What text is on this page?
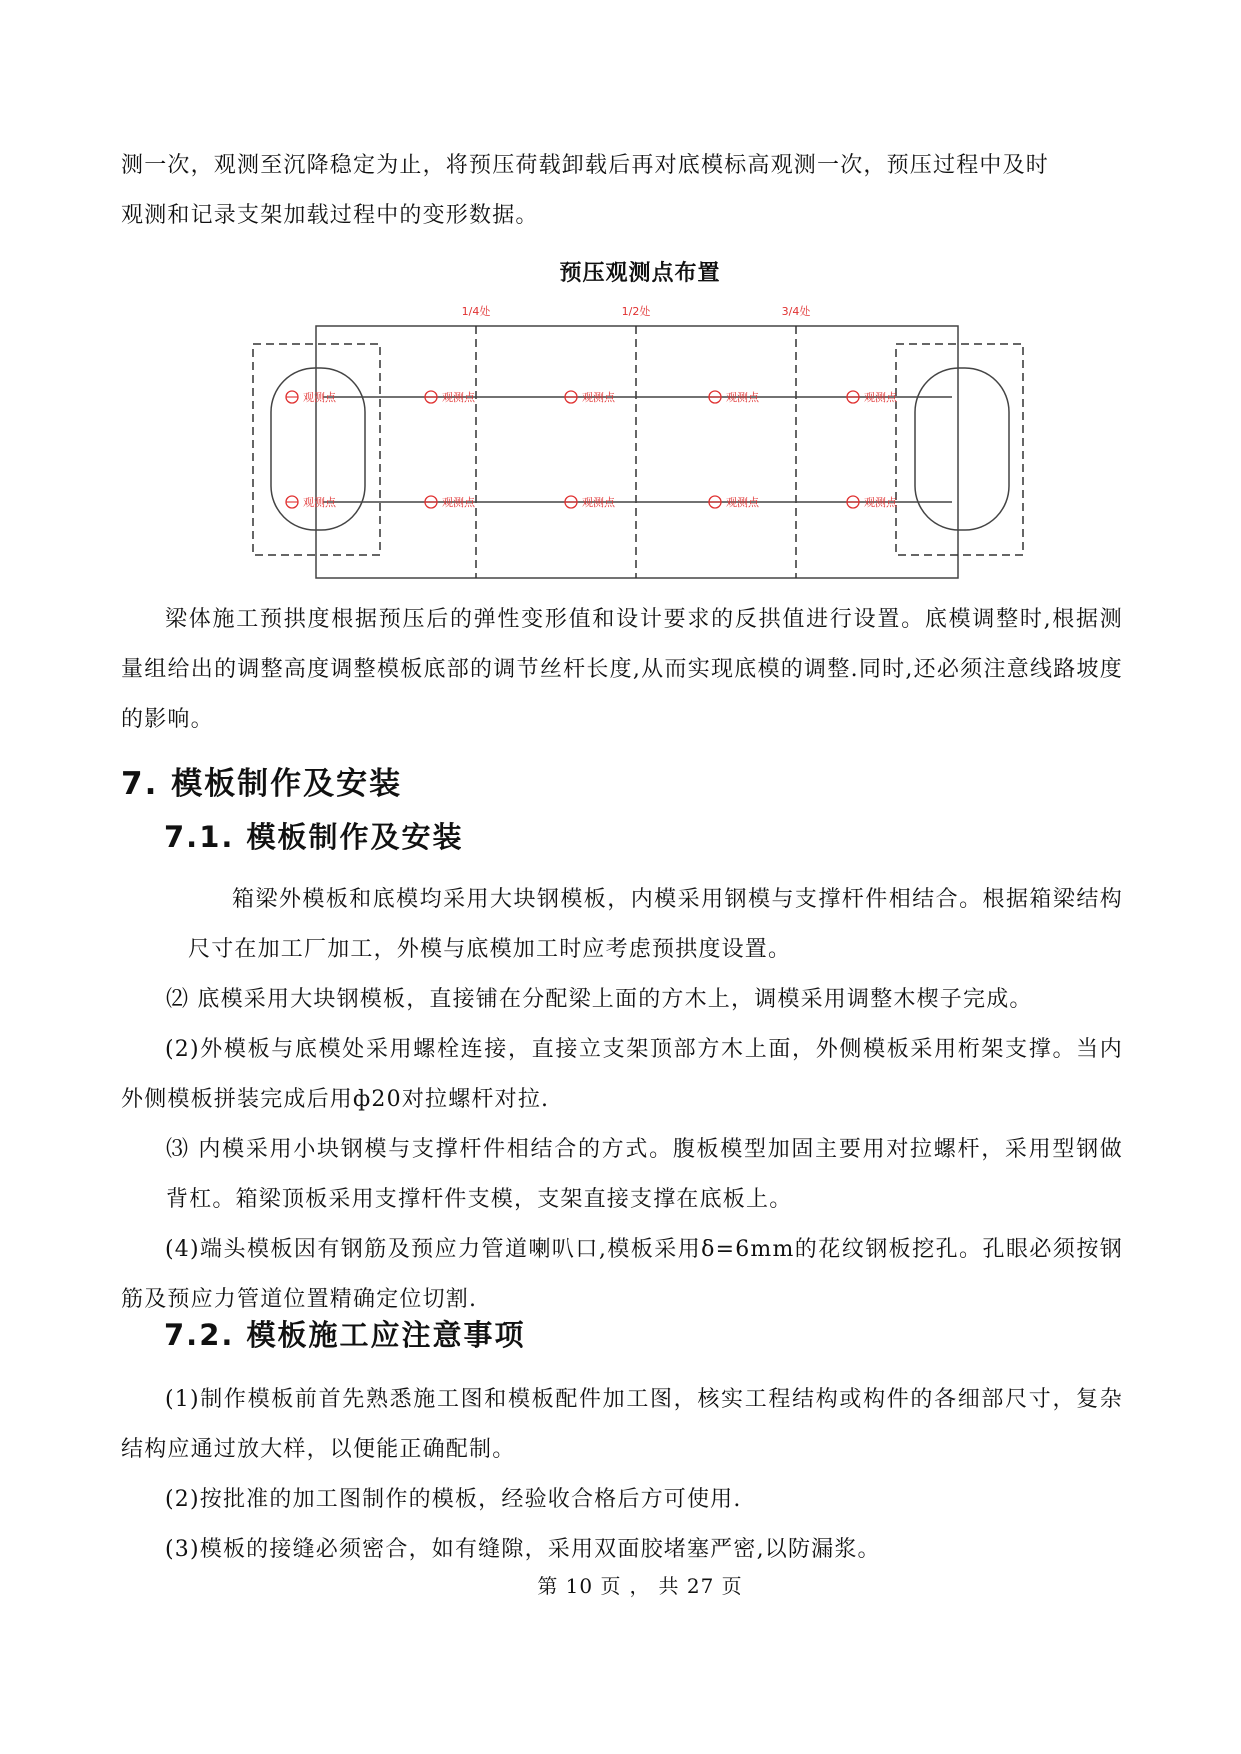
测一次，观测至沉降稳定为止，将预压荷载卸载后再对底模标高观测一次，预压过程中及时

观测和记录支架加载过程中的变形数据。

预压观测点布置

1/4处	1/2处	3/4处
观测点	观测点	观测点	观测点	观测点
观测点	观测点	观测点	观测点	观测点

梁体施工预拱度根据预压后的弹性变形值和设计要求的反拱值进行设置。底模调整时,根据测量组给出的调整高度调整模板底部的调节丝杆长度,从而实现底模的调整.同时,还必须注意线路坡度的影响。

7. 模板制作及安装
7.1. 模板制作及安装

箱梁外模板和底模均采用大块钢模板，内模采用钢模与支撑杆件相结合。根据箱梁结构尺寸在加工厂加工，外模与底模加工时应考虑预拱度设置。

⑵ 底模采用大块钢模板，直接铺在分配梁上面的方木上，调模采用调整木楔子完成。

(2)外模板与底模处采用螺栓连接，直接立支架顶部方木上面，外侧模板采用桁架支撑。当内外侧模板拼装完成后用ф20对拉螺杆对拉.

⑶ 内模采用小块钢模与支撑杆件相结合的方式。腹板模型加固主要用对拉螺杆，采用型钢做背杠。箱梁顶板采用支撑杆件支模，支架直接支撑在底板上。

(4)端头模板因有钢筋及预应力管道喇叭口,模板采用δ=6mm的花纹钢板挖孔。孔眼必须按钢筋及预应力管道位置精确定位切割.

7.2. 模板施工应注意事项

(1)制作模板前首先熟悉施工图和模板配件加工图，核实工程结构或构件的各细部尺寸，复杂结构应通过放大样，以便能正确配制。

(2)按批准的加工图制作的模板，经验收合格后方可使用.

(3)模板的接缝必须密合，如有缝隙，采用双面胶堵塞严密,以防漏浆。

第 10 页 ， 共 27 页
